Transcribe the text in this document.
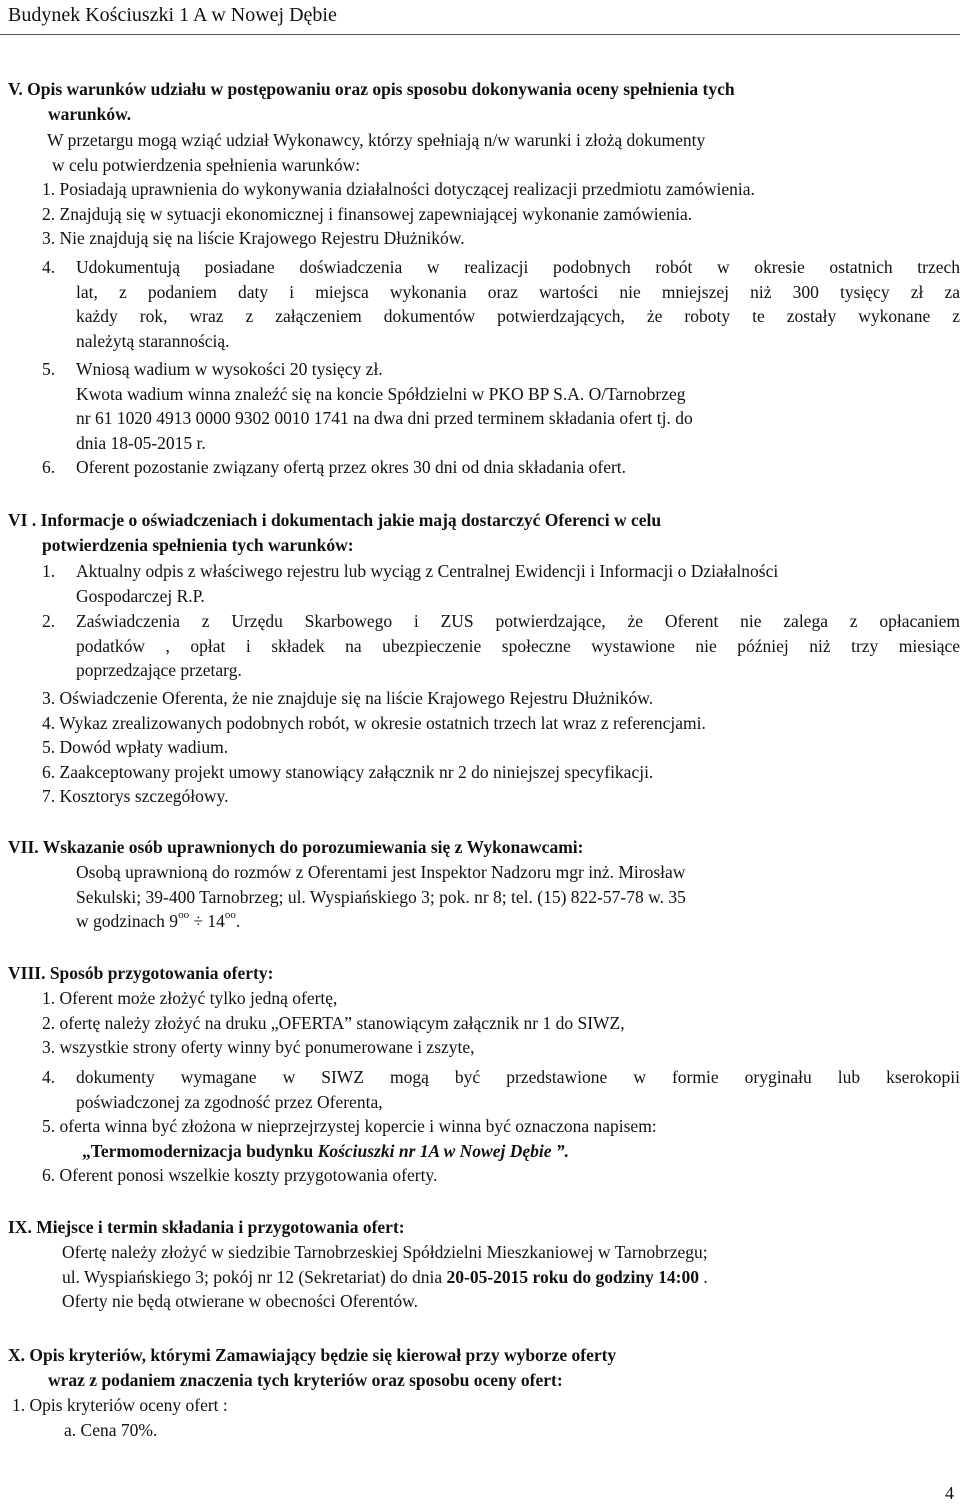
Budynek Kościuszki 1 A w Nowej Dębie
V. Opis warunków udziału w postępowaniu oraz opis sposobu dokonywania oceny spełnienia tych
warunków.
W przetargu mogą wziąć udział Wykonawcy, którzy spełniają n/w warunki i złożą dokumenty
w celu potwierdzenia spełnienia warunków:
1. Posiadają uprawnienia do wykonywania działalności dotyczącej realizacji przedmiotu zamówienia.
2. Znajdują się w sytuacji ekonomicznej i finansowej zapewniającej wykonanie zamówienia.
3. Nie znajdują się na liście Krajowego Rejestru Dłużników.
4.	Udokumentują posiadane doświadczenia w realizacji podobnych robót w okresie ostatnich trzech
lat, z podaniem daty i miejsca wykonania oraz wartości nie mniejszej niż 300 tysięcy zł za
każdy rok, wraz z załączeniem dokumentów potwierdzających, że roboty te zostały wykonane z
należytą starannością.
5.	Wniosą wadium w wysokości 20 tysięcy zł.
Kwota wadium winna znaleźć się na koncie Spółdzielni w PKO BP S.A. O/Tarnobrzeg
nr 61 1020 4913 0000 9302 0010 1741 na dwa dni przed terminem składania ofert tj. do
dnia 18-05-2015 r.
6.	Oferent pozostanie związany ofertą przez okres 30 dni od dnia składania ofert.
VI . Informacje o oświadczeniach i dokumentach jakie mają dostarczyć Oferenci w celu
potwierdzenia spełnienia tych warunków:
1.	Aktualny odpis z właściwego rejestru lub wyciąg z Centralnej Ewidencji i Informacji o Działalności
Gospodarczej R.P.
2.	Zaświadczenia z Urzędu Skarbowego i ZUS potwierdzające, że Oferent nie zalega z opłacaniem
podatków , opłat i składek na ubezpieczenie społeczne wystawione nie później niż trzy miesiące
poprzedzające przetarg.
3. Oświadczenie Oferenta, że nie znajduje się na liście Krajowego Rejestru Dłużników.
4. Wykaz zrealizowanych podobnych robót, w okresie ostatnich trzech lat wraz z referencjami.
5. Dowód wpłaty wadium.
6. Zaakceptowany projekt umowy stanowiący załącznik nr 2 do niniejszej specyfikacji.
7. Kosztorys szczegółowy.
VII. Wskazanie osób uprawnionych do porozumiewania się z Wykonawcami:
Osobą uprawnioną do rozmów z Oferentami jest Inspektor Nadzoru mgr inż. Mirosław
Sekulski; 39-400 Tarnobrzeg; ul. Wyspiańskiego 3; pok. nr 8; tel. (15) 822-57-78 w. 35
w godzinach $9^{oo} \div 14^{oo}$.
VIII. Sposób przygotowania oferty:
1. Oferent może złożyć tylko jedną ofertę,
2. ofertę należy złożyć na druku „OFERTA” stanowiącym załącznik nr 1 do SIWZ,
3. wszystkie strony oferty winny być ponumerowane i zszyte,
4.	dokumenty wymagane w SIWZ mogą być przedstawione w formie oryginału lub kserokopii
poświadczonej za zgodność przez Oferenta,
5. oferta winna być złożona w nieprzejrzystej kopercie i winna być oznaczona napisem:
„Termomodernizacja budynku Kościuszki nr 1A w Nowej Dębie ”.
6. Oferent ponosi wszelkie koszty przygotowania oferty.
IX. Miejsce i termin składania i przygotowania ofert:
Ofertę należy złożyć w siedzibie Tarnobrzeskiej Spółdzielni Mieszkaniowej w Tarnobrzegu;
ul. Wyspiańskiego 3; pokój nr 12 (Sekretariat) do dnia 20-05-2015 roku do godziny 14:00 .
Oferty nie będą otwierane w obecności Oferentów.
X. Opis kryteriów, którymi Zamawiający będzie się kierował przy wyborze oferty
wraz z podaniem znaczenia tych kryteriów oraz sposobu oceny ofert:
1. Opis kryteriów oceny ofert :
a. Cena 70%.
4
